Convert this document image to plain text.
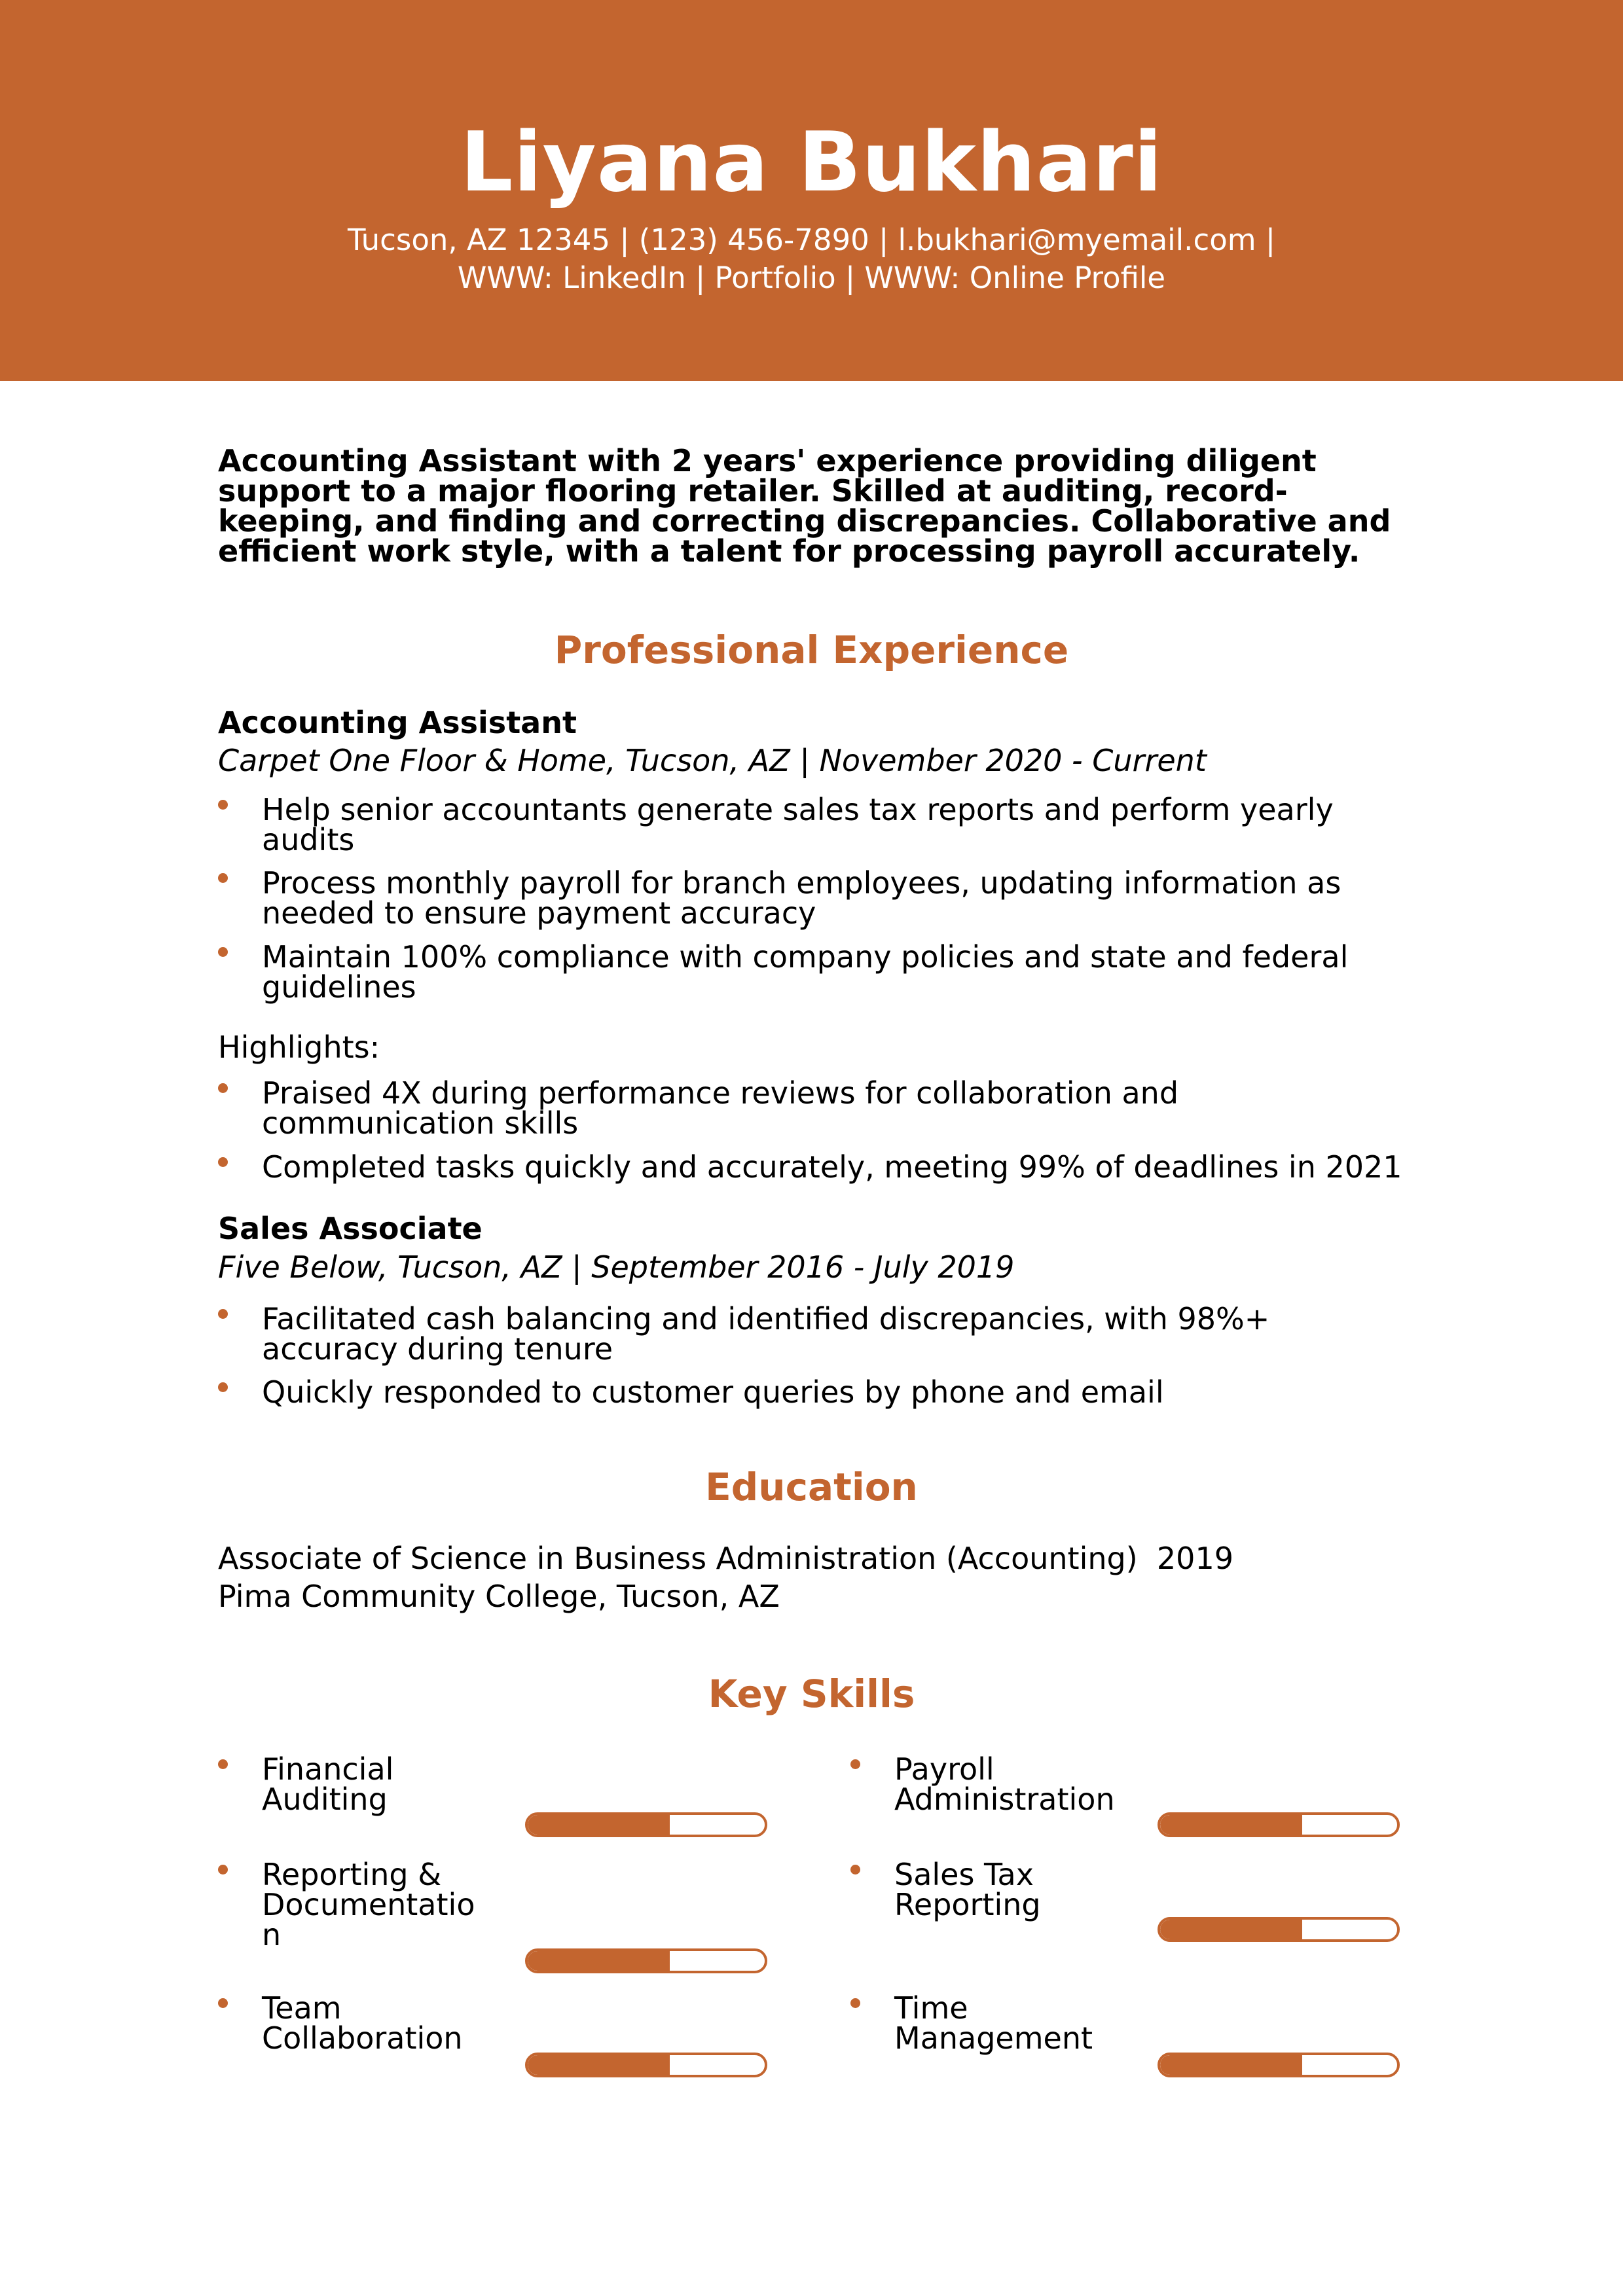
Liyana Bukhari
Tucson, AZ 12345 | (123) 456-7890 | l.bukhari@myemail.com |
WWW: LinkedIn | Portfolio | WWW: Online Profile
Accounting Assistant with 2 years' experience providing diligent
support to a major flooring retailer. Skilled at auditing, record-
keeping, and finding and correcting discrepancies. Collaborative and
efficient work style, with a talent for processing payroll accurately.
Professional Experience
Accounting Assistant
Carpet One Floor & Home, Tucson, AZ | November 2020 - Current
Help senior accountants generate sales tax reports and perform yearly
audits
Process monthly payroll for branch employees, updating information as
needed to ensure payment accuracy
Maintain 100% compliance with company policies and state and federal
guidelines
Highlights:
Praised 4X during performance reviews for collaboration and
communication skills
Completed tasks quickly and accurately, meeting 99% of deadlines in 2021
Sales Associate
Five Below, Tucson, AZ | September 2016 - July 2019
Facilitated cash balancing and identified discrepancies, with 98%+
accuracy during tenure
Quickly responded to customer queries by phone and email
Education
Associate of Science in Business Administration (Accounting)  2019
Pima Community College, Tucson, AZ
Key Skills
Financial
Auditing
Payroll
Administration
Reporting &
Documentatio
n
Sales Tax
Reporting
Team
Collaboration
Time
Management
